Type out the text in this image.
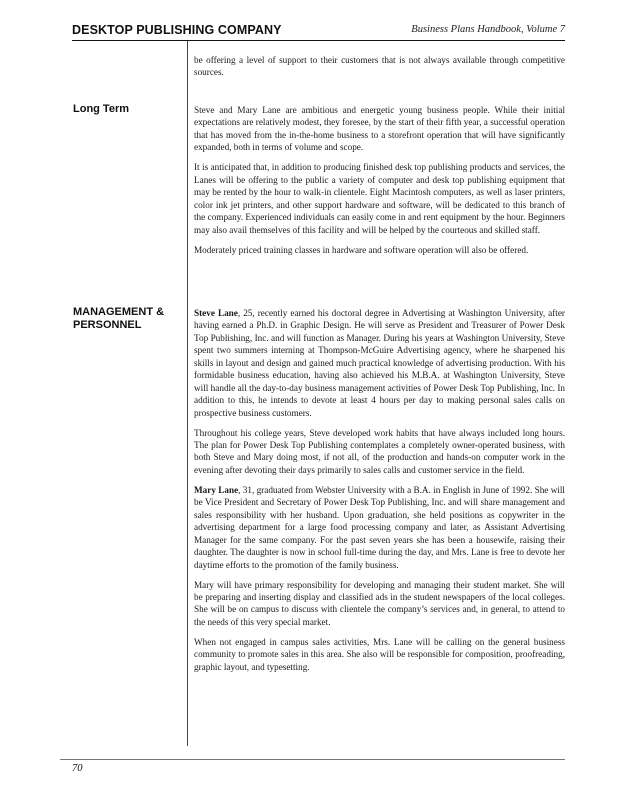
DESKTOP PUBLISHING COMPANY	Business Plans Handbook, Volume 7

be offering a level of support to their customers that is not always available through competitive sources.

Long Term	Steve and Mary Lane are ambitious and energetic young business people. While their initial expectations are relatively modest, they foresee, by the start of their fifth year, a successful operation that has moved from the in-the-home business to a storefront operation that will have significantly expanded, both in terms of volume and scope.

It is anticipated that, in addition to producing finished desk top publishing products and services, the Lanes will be offering to the public a variety of computer and desk top publishing equipment that may be rented by the hour to walk-in clientele. Eight Macintosh computers, as well as laser printers, color ink jet printers, and other support hardware and software, will be dedicated to this branch of the company. Experienced individuals can easily come in and rent equipment by the hour. Beginners may also avail themselves of this facility and will be helped by the courteous and skilled staff.

Moderately priced training classes in hardware and software operation will also be offered.

MANAGEMENT &
PERSONNEL

Steve Lane, 25, recently earned his doctoral degree in Advertising at Washington University, after having earned a Ph.D. in Graphic Design. He will serve as President and Treasurer of Power Desk Top Publishing, Inc. and will function as Manager. During his years at Washington University, Steve spent two summers interning at Thompson-McGuire Advertising agency, where he sharpened his skills in layout and design and gained much practical knowledge of advertising production. With his formidable business education, having also achieved his M.B.A. at Washington University, Steve will handle all the day-to-day business management activities of Power Desk Top Publishing, Inc. In addition to this, he intends to devote at least 4 hours per day to making personal sales calls on prospective business customers.

Throughout his college years, Steve developed work habits that have always included long hours. The plan for Power Desk Top Publishing contemplates a completely owner-operated business, with both Steve and Mary doing most, if not all, of the production and hands-on computer work in the evening after devoting their days primarily to sales calls and customer service in the field.

Mary Lane, 31, graduated from Webster University with a B.A. in English in June of 1992. She will be Vice President and Secretary of Power Desk Top Publishing, Inc. and will share management and sales responsibility with her husband. Upon graduation, she held positions as copywriter in the advertising department for a large food processing company and later, as Assistant Advertising Manager for the same company. For the past seven years she has been a housewife, raising their daughter. The daughter is now in school full-time during the day, and Mrs. Lane is free to devote her daytime efforts to the promotion of the family business.

Mary will have primary responsibility for developing and managing their student market. She will be preparing and inserting display and classified ads in the student newspapers of the local colleges. She will be on campus to discuss with clientele the company’s services and, in general, to attend to the needs of this very special market.

When not engaged in campus sales activities, Mrs. Lane will be calling on the general business community to promote sales in this area. She also will be responsible for composition, proofreading, graphic layout, and typesetting.

70
